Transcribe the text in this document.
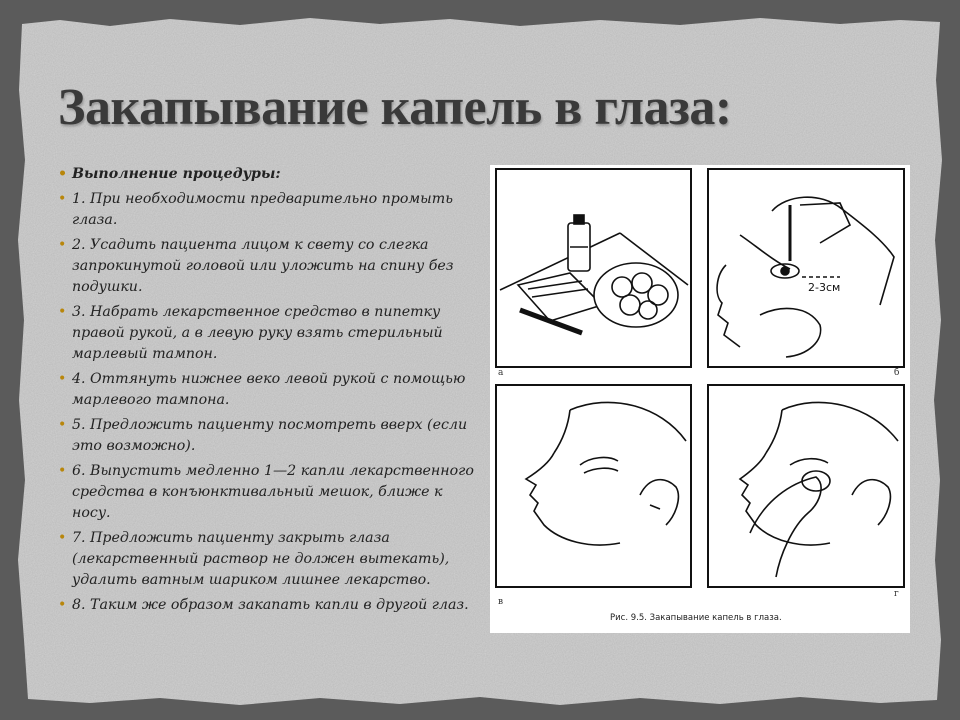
Закапывание капель в глаза:
• Выполнение процедуры:
• 1. При необходимости предварительно промыть глаза.
• 2. Усадить пациента лицом к свету со слегка запрокинутой головой или уложить на спину без подушки.
• 3. Набрать лекарственное средство в пипетку правой рукой, а в левую руку взять стерильный марлевый тампон.
• 4. Оттянуть нижнее веко левой рукой с помощью марлевого тампона.
• 5. Предложить пациенту посмотреть вверх (если это возможно).
• 6. Выпустить медленно 1—2 капли лекарственного средства в конъюнктивальный мешок, ближе к носу.
• 7. Предложить пациенту закрыть глаза (лекарственный раствор не должен вытекать), удалить ватным шариком лишнее лекарство.
• 8. Таким же образом закапать капли в другой глаз.
2-3см
а	б
в
г
Рис. 9.5. Закапывание капель в глаза.
